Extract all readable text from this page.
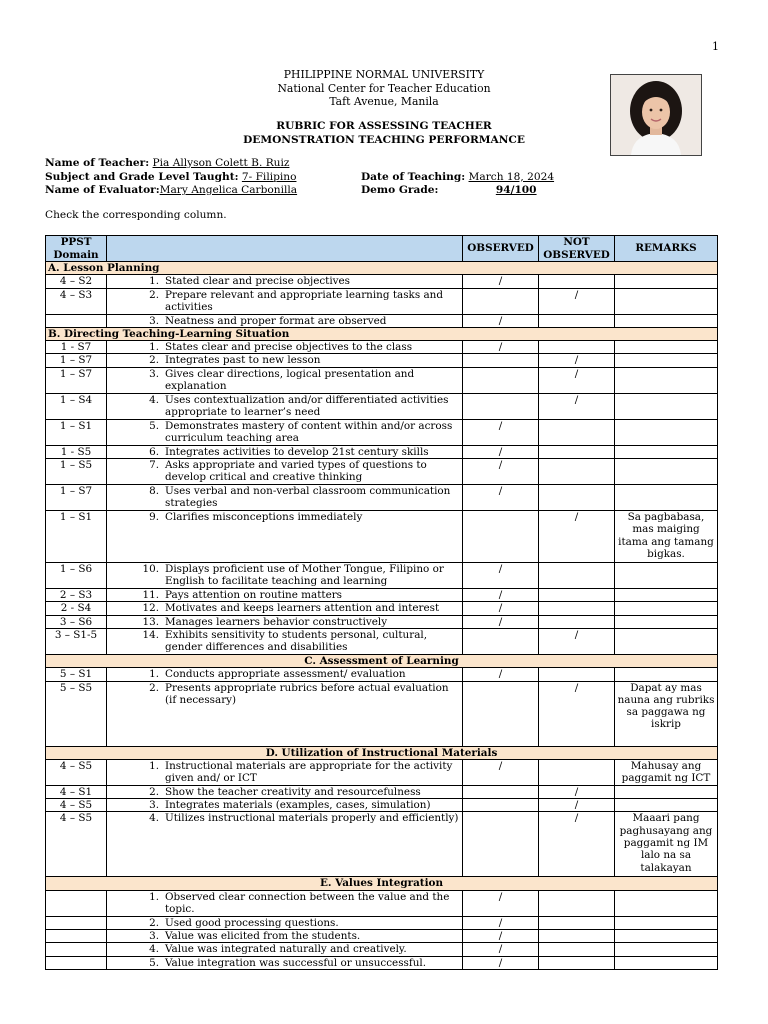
1
PHILIPPINE NORMAL UNIVERSITY
National Center for Teacher Education
Taft Avenue, Manila
RUBRIC FOR ASSESSING TEACHER
DEMONSTRATION TEACHING PERFORMANCE
Name of Teacher: Pia Allyson Colett B. Ruiz
Subject and Grade Level Taught: 7- Filipino
Name of Evaluator:Mary Angelica Carbonilla
Date of Teaching: March 18, 2024
Demo Grade:	94/100
Check the corresponding column.
PPST Domain		OBSERVED	NOT OBSERVED	REMARKS
A. Lesson Planning				
4 – S2	1. Stated clear and precise objectives	/		
4 – S3	2. Prepare relevant and appropriate learning tasks and activities		/	

	3. Neatness and proper format are observed	/		
B. Directing Teaching-Learning Situation				
1 - S7	1. States clear and precise objectives to the class	/		
1 – S7	2. Integrates past to new lesson		/	
1 – S7	3. Gives clear directions, logical presentation and explanation		/	
1 – S4	4. Uses contextualization and/or differentiated activities appropriate to learner’s need		/	
1 – S1	5. Demonstrates mastery of content within and/or across curriculum teaching area	/		
1 - S5	6. Integrates activities to develop 21st century skills	/		
1 – S5	7. Asks appropriate and varied types of questions to develop critical and creative thinking	/		
1 – S7	8. Uses verbal and non-verbal classroom communication strategies	/		
1 – S1	9. Clarifies misconceptions immediately		/	Sa pagbabasa, mas maiging itama ang tamang bigkas.
1 – S6	10. Displays proficient use of Mother Tongue, Filipino or English to facilitate teaching and learning	/		
2 – S3	11. Pays attention on routine matters	/		
2 - S4	12. Motivates and keeps learners attention and interest	/		
3 – S6	13. Manages learners behavior constructively	/		
3 – S1-5	14. Exhibits sensitivity to students personal, cultural, gender differences and disabilities		/	
C. Assessment of Learning				
5 – S1	1. Conducts appropriate assessment/ evaluation	/		
5 – S5	2. Presents appropriate rubrics before actual evaluation (if necessary)		/	Dapat ay mas nauna ang rubriks sa paggawa ng iskrip
D. Utilization of Instructional Materials				
4 – S5	1. Instructional materials are appropriate for the activity given and/ or ICT	/		Mahusay ang paggamit ng ICT
4 – S1	2. Show the teacher creativity and resourcefulness		/	
4 – S5	3. Integrates materials (examples, cases, simulation)		/	
4 – S5	4. Utilizes instructional materials properly and efficiently)		/	Maaari pang paghusayang ang paggamit ng IM lalo na sa talakayan
E. Values Integration				

	1. Observed clear connection between the value and the topic.	/		

	2. Used good processing questions.	/		

	3. Value was elicited from the students.	/		

	4. Value was integrated naturally and creatively.	/		

	5. Value integration was successful or unsuccessful.	/		
